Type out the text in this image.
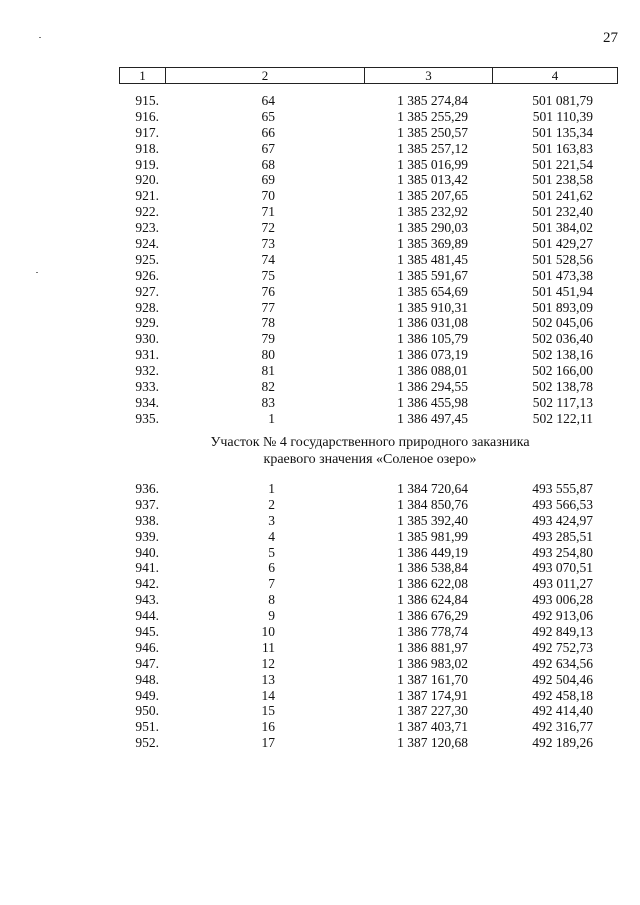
27
1	2	3	4
915.	64	1 385 274,84	501 081,79
916.	65	1 385 255,29	501 110,39
917.	66	1 385 250,57	501 135,34
918.	67	1 385 257,12	501 163,83
919.	68	1 385 016,99	501 221,54
920.	69	1 385 013,42	501 238,58
921.	70	1 385 207,65	501 241,62
922.	71	1 385 232,92	501 232,40
923.	72	1 385 290,03	501 384,02
924.	73	1 385 369,89	501 429,27
925.	74	1 385 481,45	501 528,56
926.	75	1 385 591,67	501 473,38
927.	76	1 385 654,69	501 451,94
928.	77	1 385 910,31	501 893,09
929.	78	1 386 031,08	502 045,06
930.	79	1 386 105,79	502 036,40
931.	80	1 386 073,19	502 138,16
932.	81	1 386 088,01	502 166,00
933.	82	1 386 294,55	502 138,78
934.	83	1 386 455,98	502 117,13
935.	1	1 386 497,45	502 122,11
Участок № 4 государственного природного заказника
краевого значения «Соленое озеро»
936.	1	1 384 720,64	493 555,87
937.	2	1 384 850,76	493 566,53
938.	3	1 385 392,40	493 424,97
939.	4	1 385 981,99	493 285,51
940.	5	1 386 449,19	493 254,80
941.	6	1 386 538,84	493 070,51
942.	7	1 386 622,08	493 011,27
943.	8	1 386 624,84	493 006,28
944.	9	1 386 676,29	492 913,06
945.	10	1 386 778,74	492 849,13
946.	11	1 386 881,97	492 752,73
947.	12	1 386 983,02	492 634,56
948.	13	1 387 161,70	492 504,46
949.	14	1 387 174,91	492 458,18
950.	15	1 387 227,30	492 414,40
951.	16	1 387 403,71	492 316,77
952.	17	1 387 120,68	492 189,26
